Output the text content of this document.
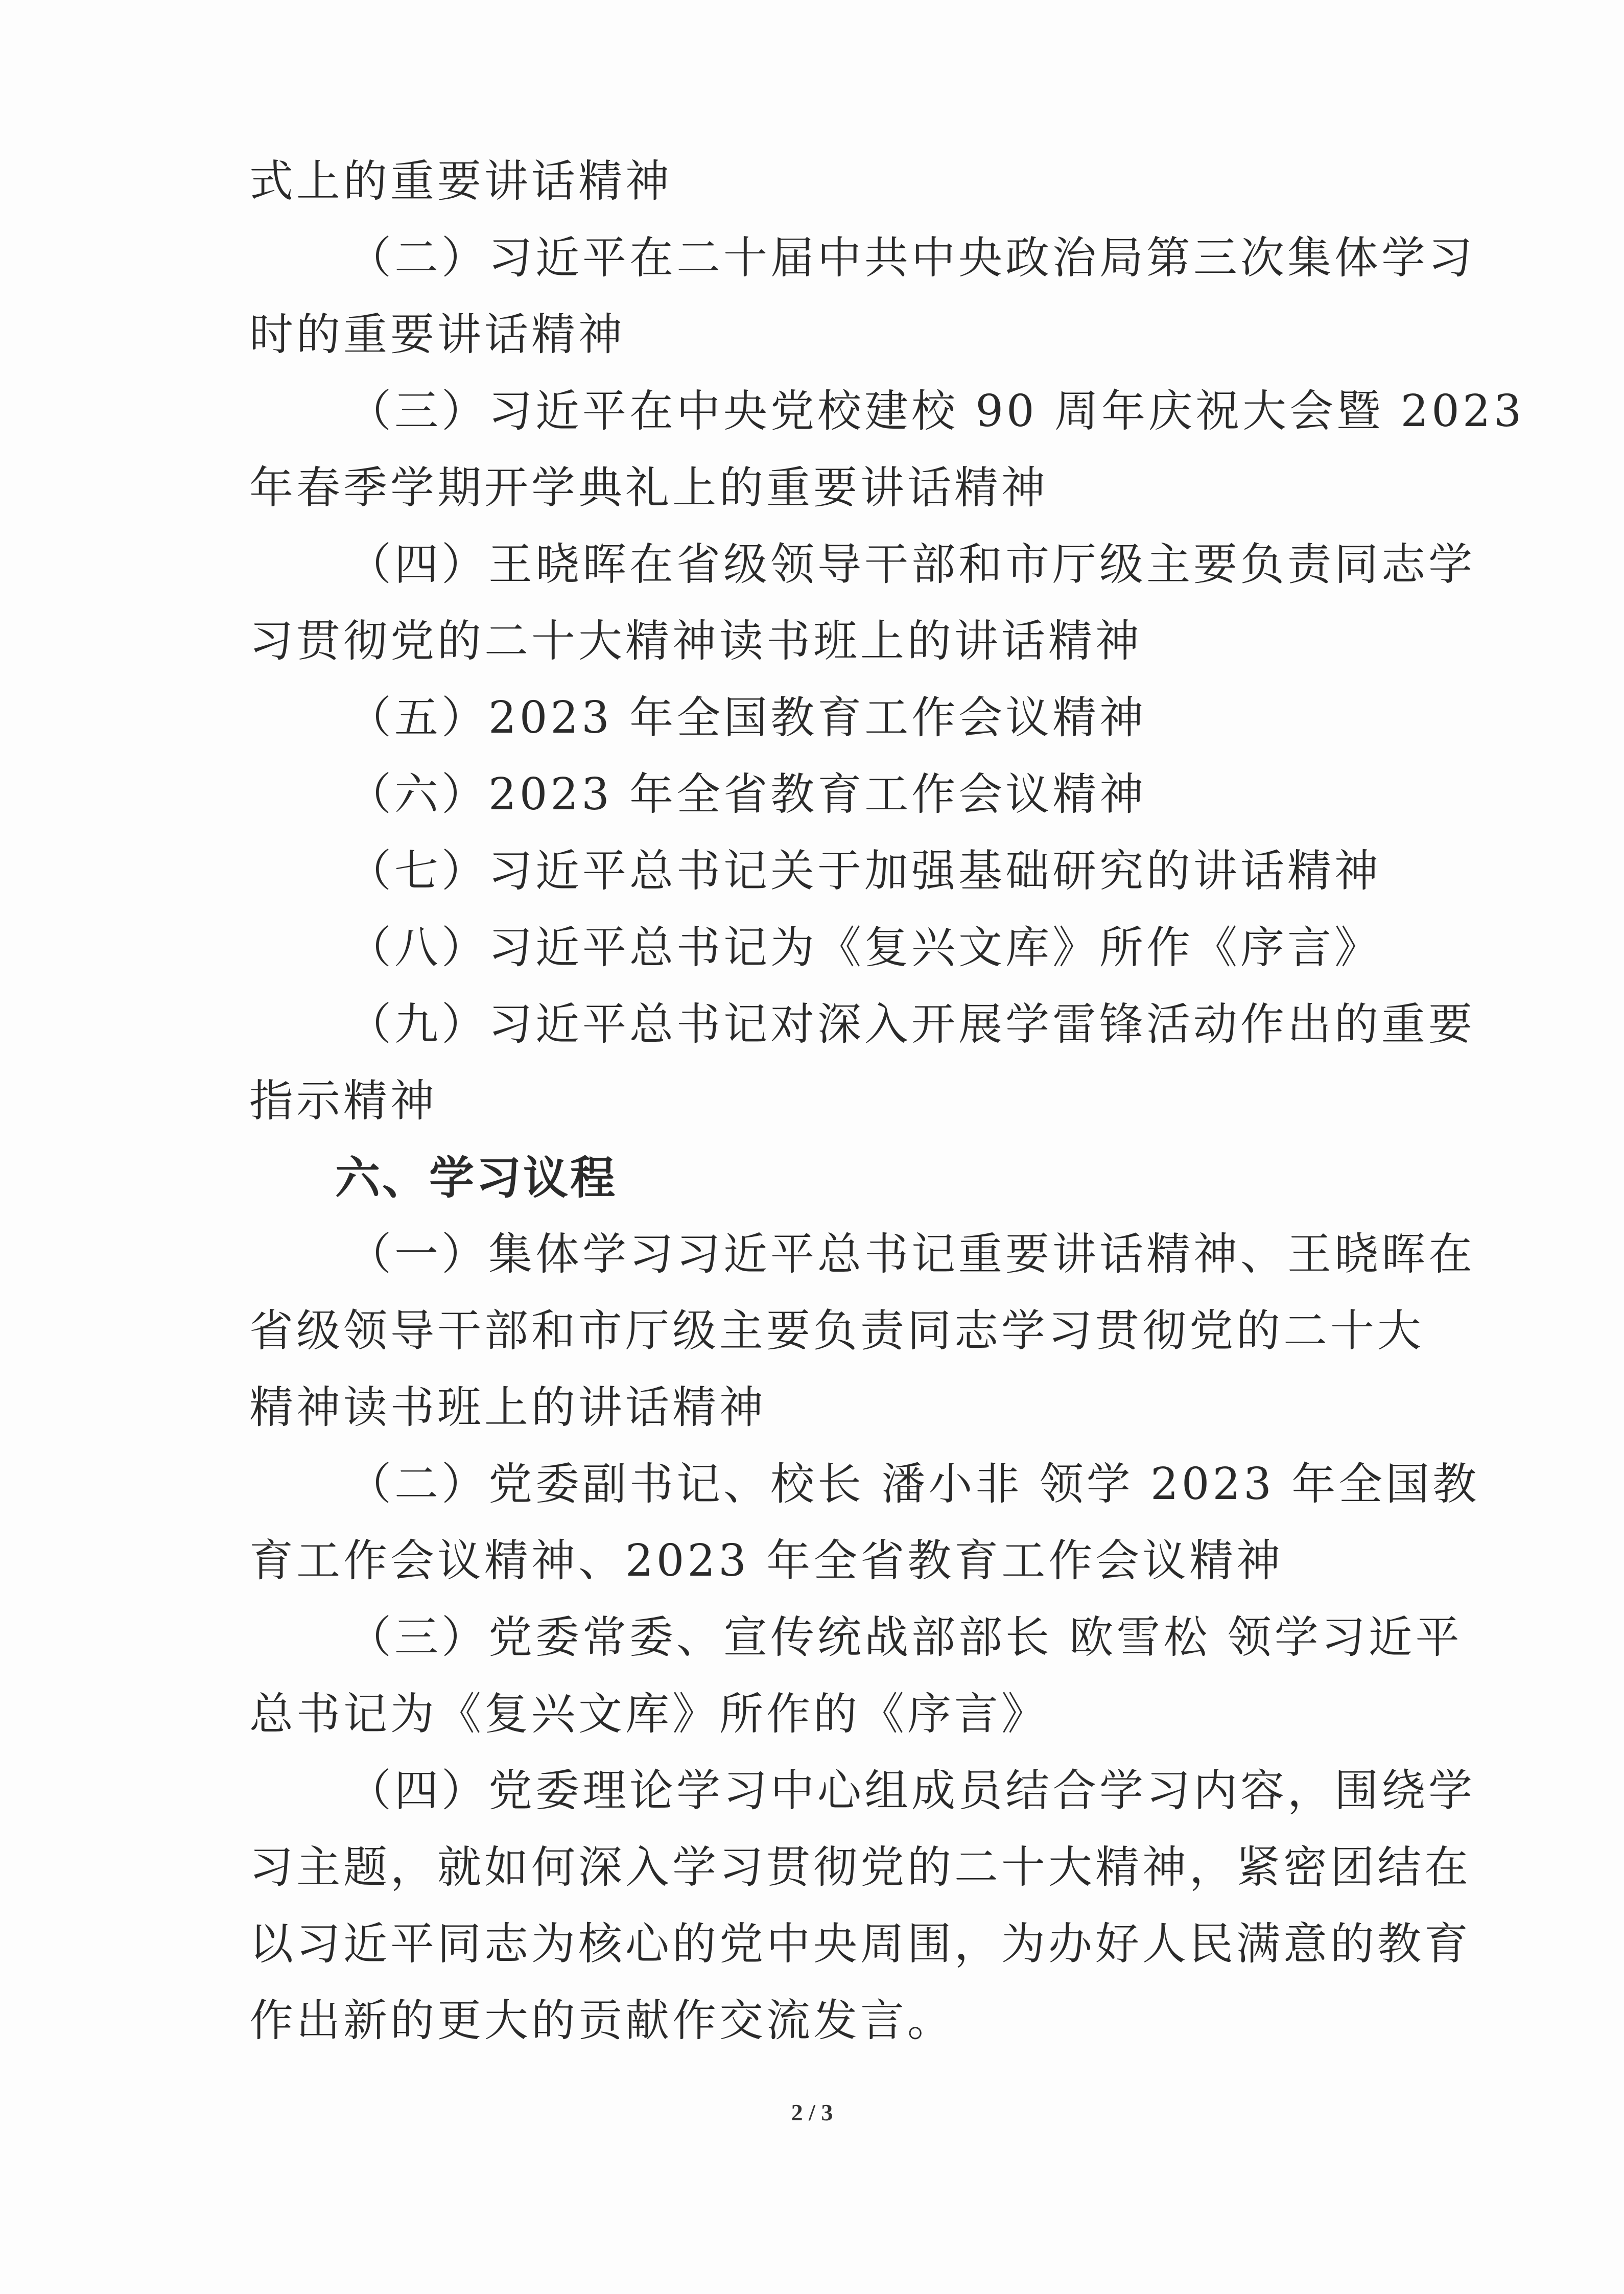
式上的重要讲话精神
（二）习近平在二十届中共中央政治局第三次集体学习
时的重要讲话精神
（三）习近平在中央党校建校 90 周年庆祝大会暨 2023
年春季学期开学典礼上的重要讲话精神
（四）王晓晖在省级领导干部和市厅级主要负责同志学
习贯彻党的二十大精神读书班上的讲话精神
（五）2023 年全国教育工作会议精神
（六）2023 年全省教育工作会议精神
（七）习近平总书记关于加强基础研究的讲话精神
（八）习近平总书记为《复兴文库》所作《序言》
（九）习近平总书记对深入开展学雷锋活动作出的重要
指示精神
六、学习议程
（一）集体学习习近平总书记重要讲话精神、王晓晖在
省级领导干部和市厅级主要负责同志学习贯彻党的二十大
精神读书班上的讲话精神
（二）党委副书记、校长 潘小非 领学 2023 年全国教
育工作会议精神、2023 年全省教育工作会议精神
（三）党委常委、宣传统战部部长 欧雪松 领学习近平
总书记为《复兴文库》所作的《序言》
（四）党委理论学习中心组成员结合学习内容，围绕学
习主题，就如何深入学习贯彻党的二十大精神，紧密团结在
以习近平同志为核心的党中央周围，为办好人民满意的教育
作出新的更大的贡献作交流发言。
2 / 3
